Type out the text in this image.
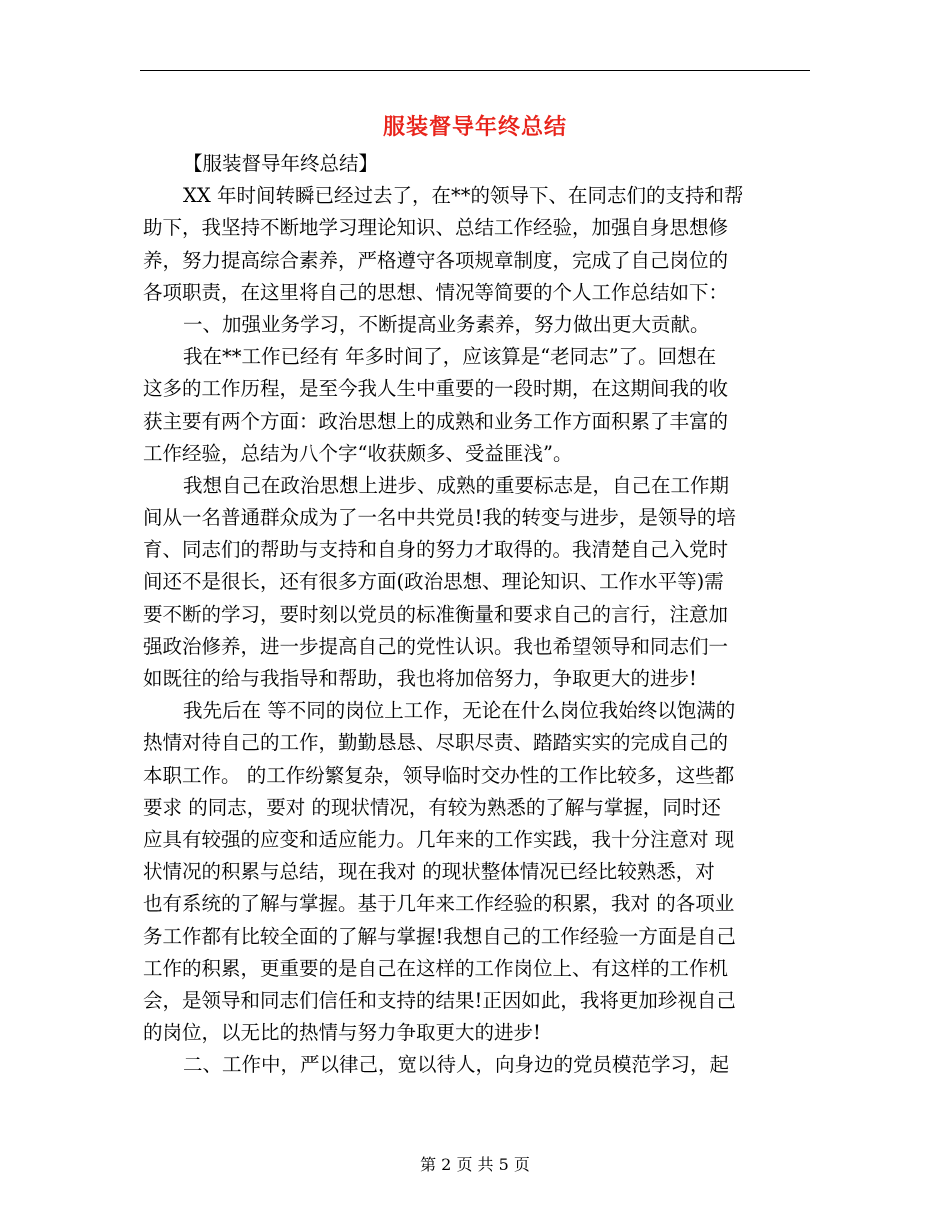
服装督导年终总结
【服装督导年终总结】
XX 年时间转瞬已经过去了，在**的领导下、在同志们的支持和帮
助下，我坚持不断地学习理论知识、总结工作经验，加强自身思想修
养，努力提高综合素养，严格遵守各项规章制度，完成了自己岗位的
各项职责，在这里将自己的思想、情况等简要的个人工作总结如下：
一、加强业务学习，不断提高业务素养，努力做出更大贡献。
我在**工作已经有 年多时间了，应该算是“老同志”了。回想在
这多的工作历程，是至今我人生中重要的一段时期，在这期间我的收
获主要有两个方面：政治思想上的成熟和业务工作方面积累了丰富的
工作经验，总结为八个字“收获颇多、受益匪浅”。
我想自己在政治思想上进步、成熟的重要标志是，自己在工作期
间从一名普通群众成为了一名中共党员!我的转变与进步，是领导的培
育、同志们的帮助与支持和自身的努力才取得的。我清楚自己入党时
间还不是很长，还有很多方面(政治思想、理论知识、工作水平等)需
要不断的学习，要时刻以党员的标准衡量和要求自己的言行，注意加
强政治修养，进一步提高自己的党性认识。我也希望领导和同志们一
如既往的给与我指导和帮助，我也将加倍努力，争取更大的进步!
我先后在 等不同的岗位上工作，无论在什么岗位我始终以饱满的
热情对待自己的工作，勤勤恳恳、尽职尽责、踏踏实实的完成自己的
本职工作。 的工作纷繁复杂，领导临时交办性的工作比较多，这些都
要求 的同志，要对 的现状情况，有较为熟悉的了解与掌握，同时还
应具有较强的应变和适应能力。几年来的工作实践，我十分注意对 现
状情况的积累与总结，现在我对 的现状整体情况已经比较熟悉，对
也有系统的了解与掌握。基于几年来工作经验的积累，我对 的各项业
务工作都有比较全面的了解与掌握!我想自己的工作经验一方面是自己
工作的积累，更重要的是自己在这样的工作岗位上、有这样的工作机
会，是领导和同志们信任和支持的结果!正因如此，我将更加珍视自己
的岗位，以无比的热情与努力争取更大的进步!
二、工作中，严以律己，宽以待人，向身边的党员模范学习，起
第 2 页 共 5 页
